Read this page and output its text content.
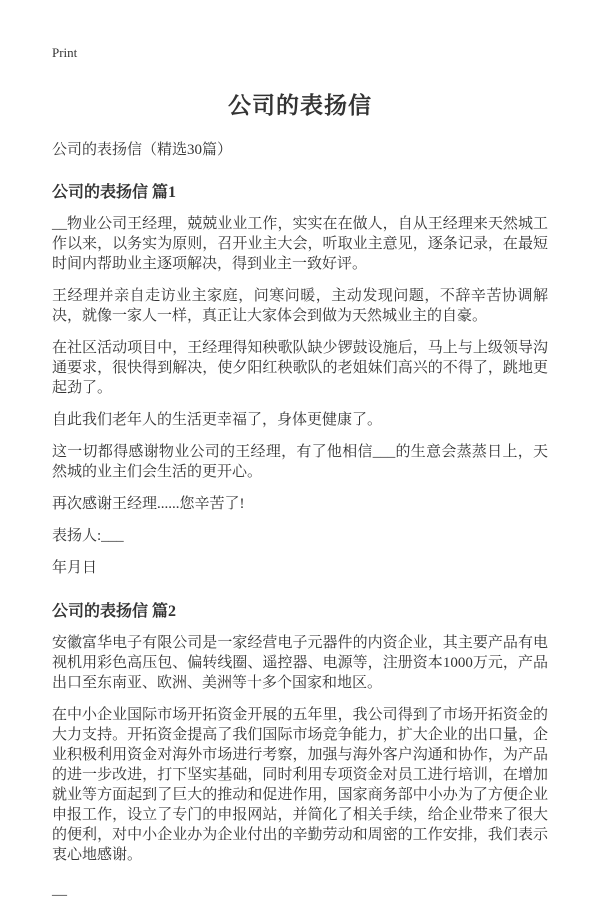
Print
公司的表扬信

公司的表扬信（精选30篇）

公司的表扬信 篇1

__物业公司王经理，兢兢业业工作，实实在在做人，自从王经理来天然城工作以来，以务实为原则，召开业主大会，听取业主意见，逐条记录，在最短时间内帮助业主逐项解决，得到业主一致好评。

王经理并亲自走访业主家庭，问寒问暖，主动发现问题，不辞辛苦协调解决，就像一家人一样，真正让大家体会到做为天然城业主的自豪。

在社区活动项目中，王经理得知秧歌队缺少锣鼓设施后，马上与上级领导沟通要求，很快得到解决，使夕阳红秧歌队的老姐妹们高兴的不得了，跳地更起劲了。

自此我们老年人的生活更幸福了，身体更健康了。

这一切都得感谢物业公司的王经理，有了他相信___的生意会蒸蒸日上，天然城的业主们会生活的更开心。

再次感谢王经理......您辛苦了!

表扬人:___

年月日

公司的表扬信 篇2

安徽富华电子有限公司是一家经营电子元器件的内资企业，其主要产品有电视机用彩色高压包、偏转线圈、遥控器、电源等，注册资本1000万元，产品出口至东南亚、欧洲、美洲等十多个国家和地区。

在中小企业国际市场开拓资金开展的五年里，我公司得到了市场开拓资金的大力支持。开拓资金提高了我们国际市场竞争能力，扩大企业的出口量，企业积极利用资金对海外市场进行考察，加强与海外客户沟通和协作，为产品的进一步改进，打下坚实基础，同时利用专项资金对员工进行培训，在增加就业等方面起到了巨大的推动和促进作用，国家商务部中小办为了方便企业申报工作，设立了专门的申报网站，并简化了相关手续，给企业带来了很大的便利，对中小企业办为企业付出的辛勤劳动和周密的工作安排，我们表示衷心地感谢。

—
